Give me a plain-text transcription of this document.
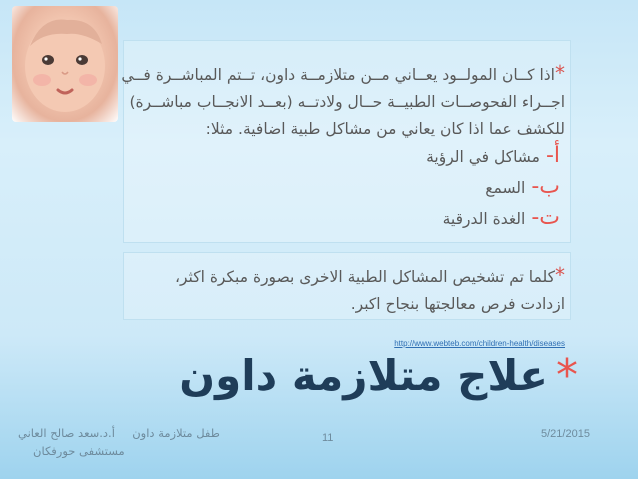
*اذا كــان المولــود يعــاني مــن متلازمــة داون، تــتم المباشــرة فــي
اجــراء الفحوصــات الطبيــة حــال ولادتــه (بعــد الانجــاب مباشــرة)
للكشف عما اذا كان يعاني من مشاكل طبية اضافية. مثلا:
أ-مشاكل في الرؤية
ب-السمع
ت-الغدة الدرقية
*كلما تم تشخيص المشاكل الطبية الاخرى بصورة مبكرة اكثر،
ازدادت فرص معالجتها بنجاح اكبر.
http://www.webteb.com/children-health/diseases
*علاج متلازمة داون
طفل متلازمة داون  أ.د.سعد صالح العاني
مستشفى حورفكان
11	5/21/2015
